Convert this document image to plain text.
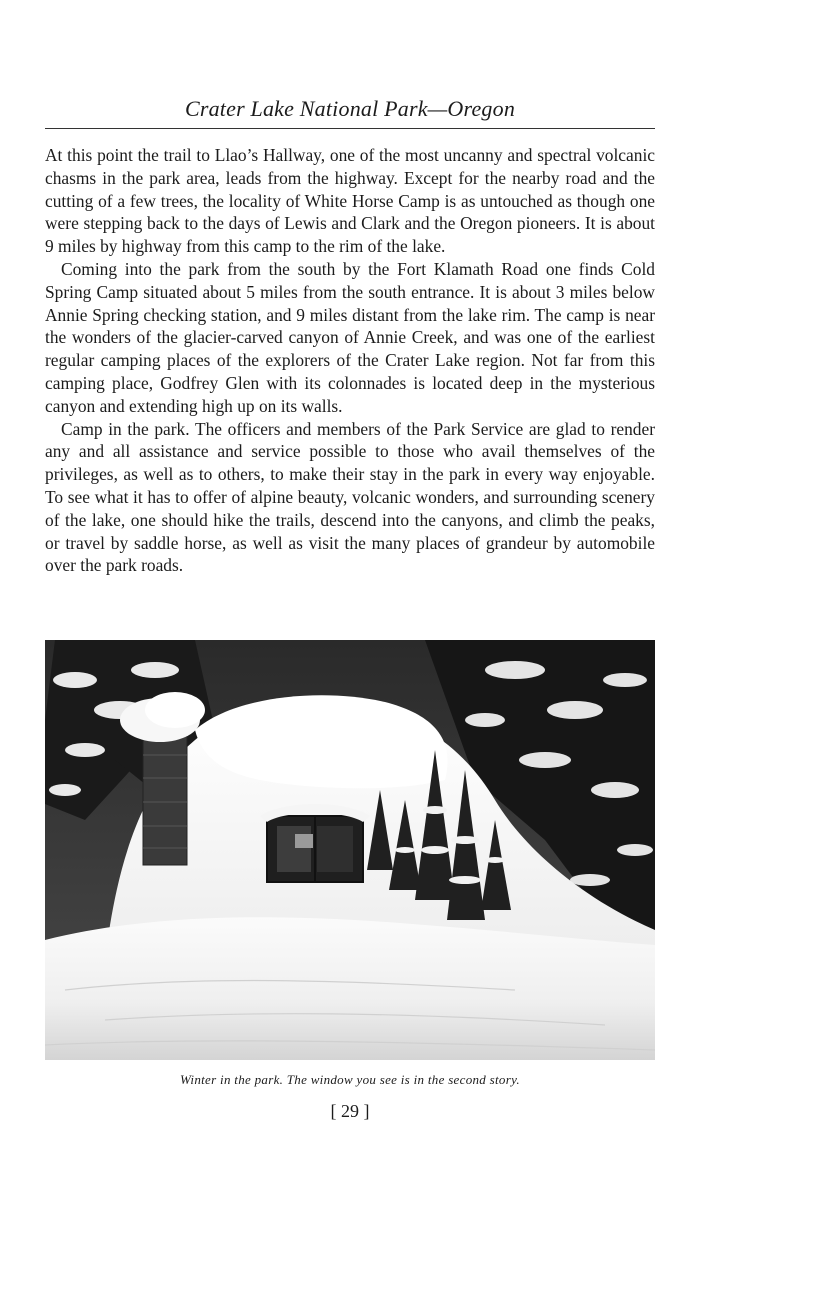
Crater Lake National Park—Oregon

At this point the trail to Llao’s Hallway, one of the most uncanny and spectral volcanic chasms in the park area, leads from the highway. Except for the nearby road and the cutting of a few trees, the locality of White Horse Camp is as untouched as though one were stepping back to the days of Lewis and Clark and the Oregon pioneers. It is about 9 miles by highway from this camp to the rim of the lake.

Coming into the park from the south by the Fort Klamath Road one finds Cold Spring Camp situated about 5 miles from the south entrance. It is about 3 miles below Annie Spring checking station, and 9 miles distant from the lake rim. The camp is near the wonders of the glacier-carved canyon of Annie Creek, and was one of the earliest regular camping places of the explorers of the Crater Lake region. Not far from this camping place, Godfrey Glen with its colonnades is located deep in the mysterious canyon and extending high up on its walls.

Camp in the park. The officers and members of the Park Service are glad to render any and all assistance and service possible to those who avail themselves of the privileges, as well as to others, to make their stay in the park in every way enjoyable. To see what it has to offer of alpine beauty, volcanic wonders, and surrounding scenery of the lake, one should hike the trails, descend into the canyons, and climb the peaks, or travel by saddle horse, as well as visit the many places of grandeur by automobile over the park roads.

Winter in the park. The window you see is in the second story.
[ 29 ]
